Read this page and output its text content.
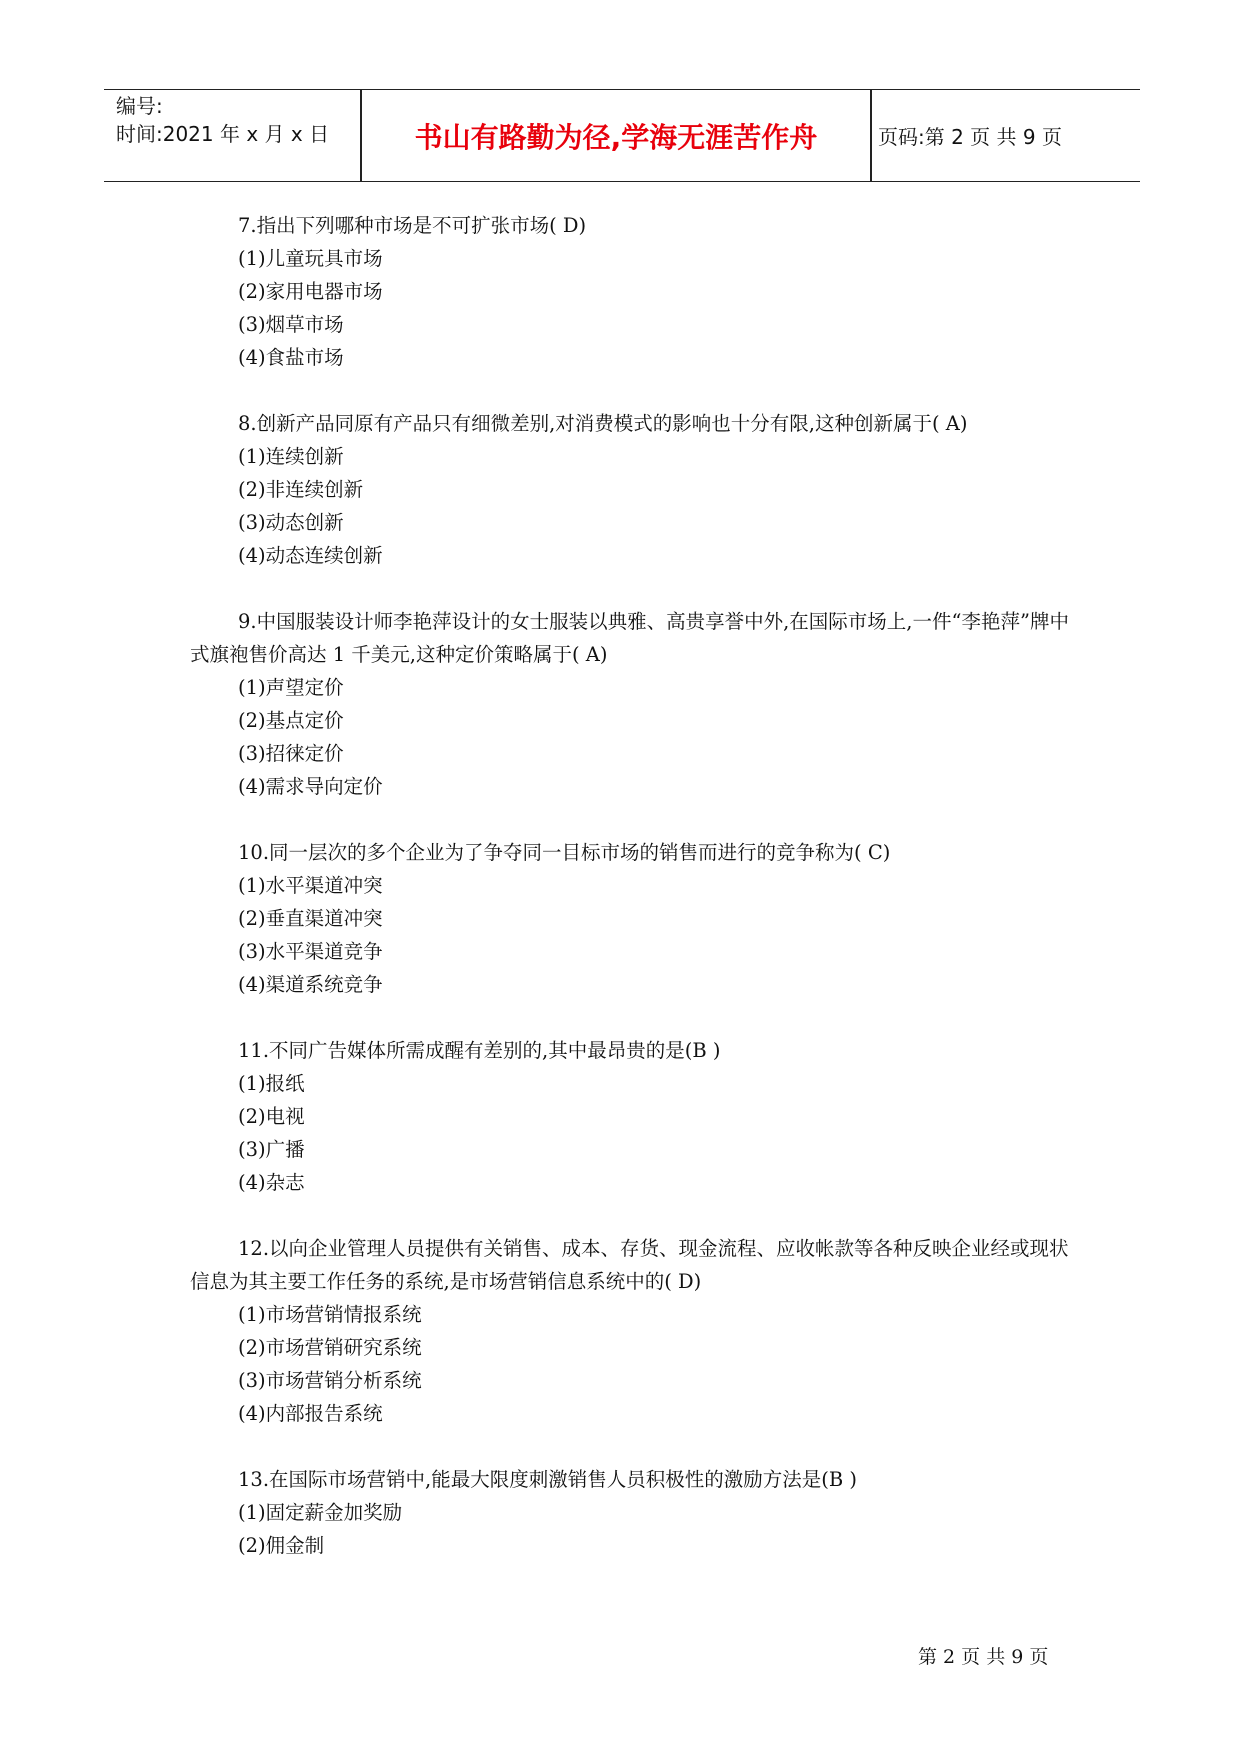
编号:
时间:2021 年 x 月 x 日	书山有路勤为径,学海无涯苦作舟	页码:第 2 页 共 9 页

7.指出下列哪种市场是不可扩张市场( D)

(1)儿童玩具市场

(2)家用电器市场

(3)烟草市场

(4)食盐市场

8.创新产品同原有产品只有细微差别,对消费模式的影响也十分有限,这种创新属于( A)

(1)连续创新

(2)非连续创新

(3)动态创新

(4)动态连续创新

9.中国服装设计师李艳萍设计的女士服装以典雅、高贵享誉中外,在国际市场上,一件“李艳萍”牌中式旗袍售价高达 1 千美元,这种定价策略属于( A)

(1)声望定价

(2)基点定价

(3)招徕定价

(4)需求导向定价

10.同一层次的多个企业为了争夺同一目标市场的销售而进行的竞争称为( C)

(1)水平渠道冲突

(2)垂直渠道冲突

(3)水平渠道竞争

(4)渠道系统竞争

11.不同广告媒体所需成醒有差别的,其中最昂贵的是(B )

(1)报纸

(2)电视

(3)广播

(4)杂志

12.以向企业管理人员提供有关销售、成本、存货、现金流程、应收帐款等各种反映企业经或现状信息为其主要工作任务的系统,是市场营销信息系统中的( D)

(1)市场营销情报系统

(2)市场营销研究系统

(3)市场营销分析系统

(4)内部报告系统

13.在国际市场营销中,能最大限度刺激销售人员积极性的激励方法是(B )

(1)固定薪金加奖励

(2)佣金制

第 2 页 共 9 页
